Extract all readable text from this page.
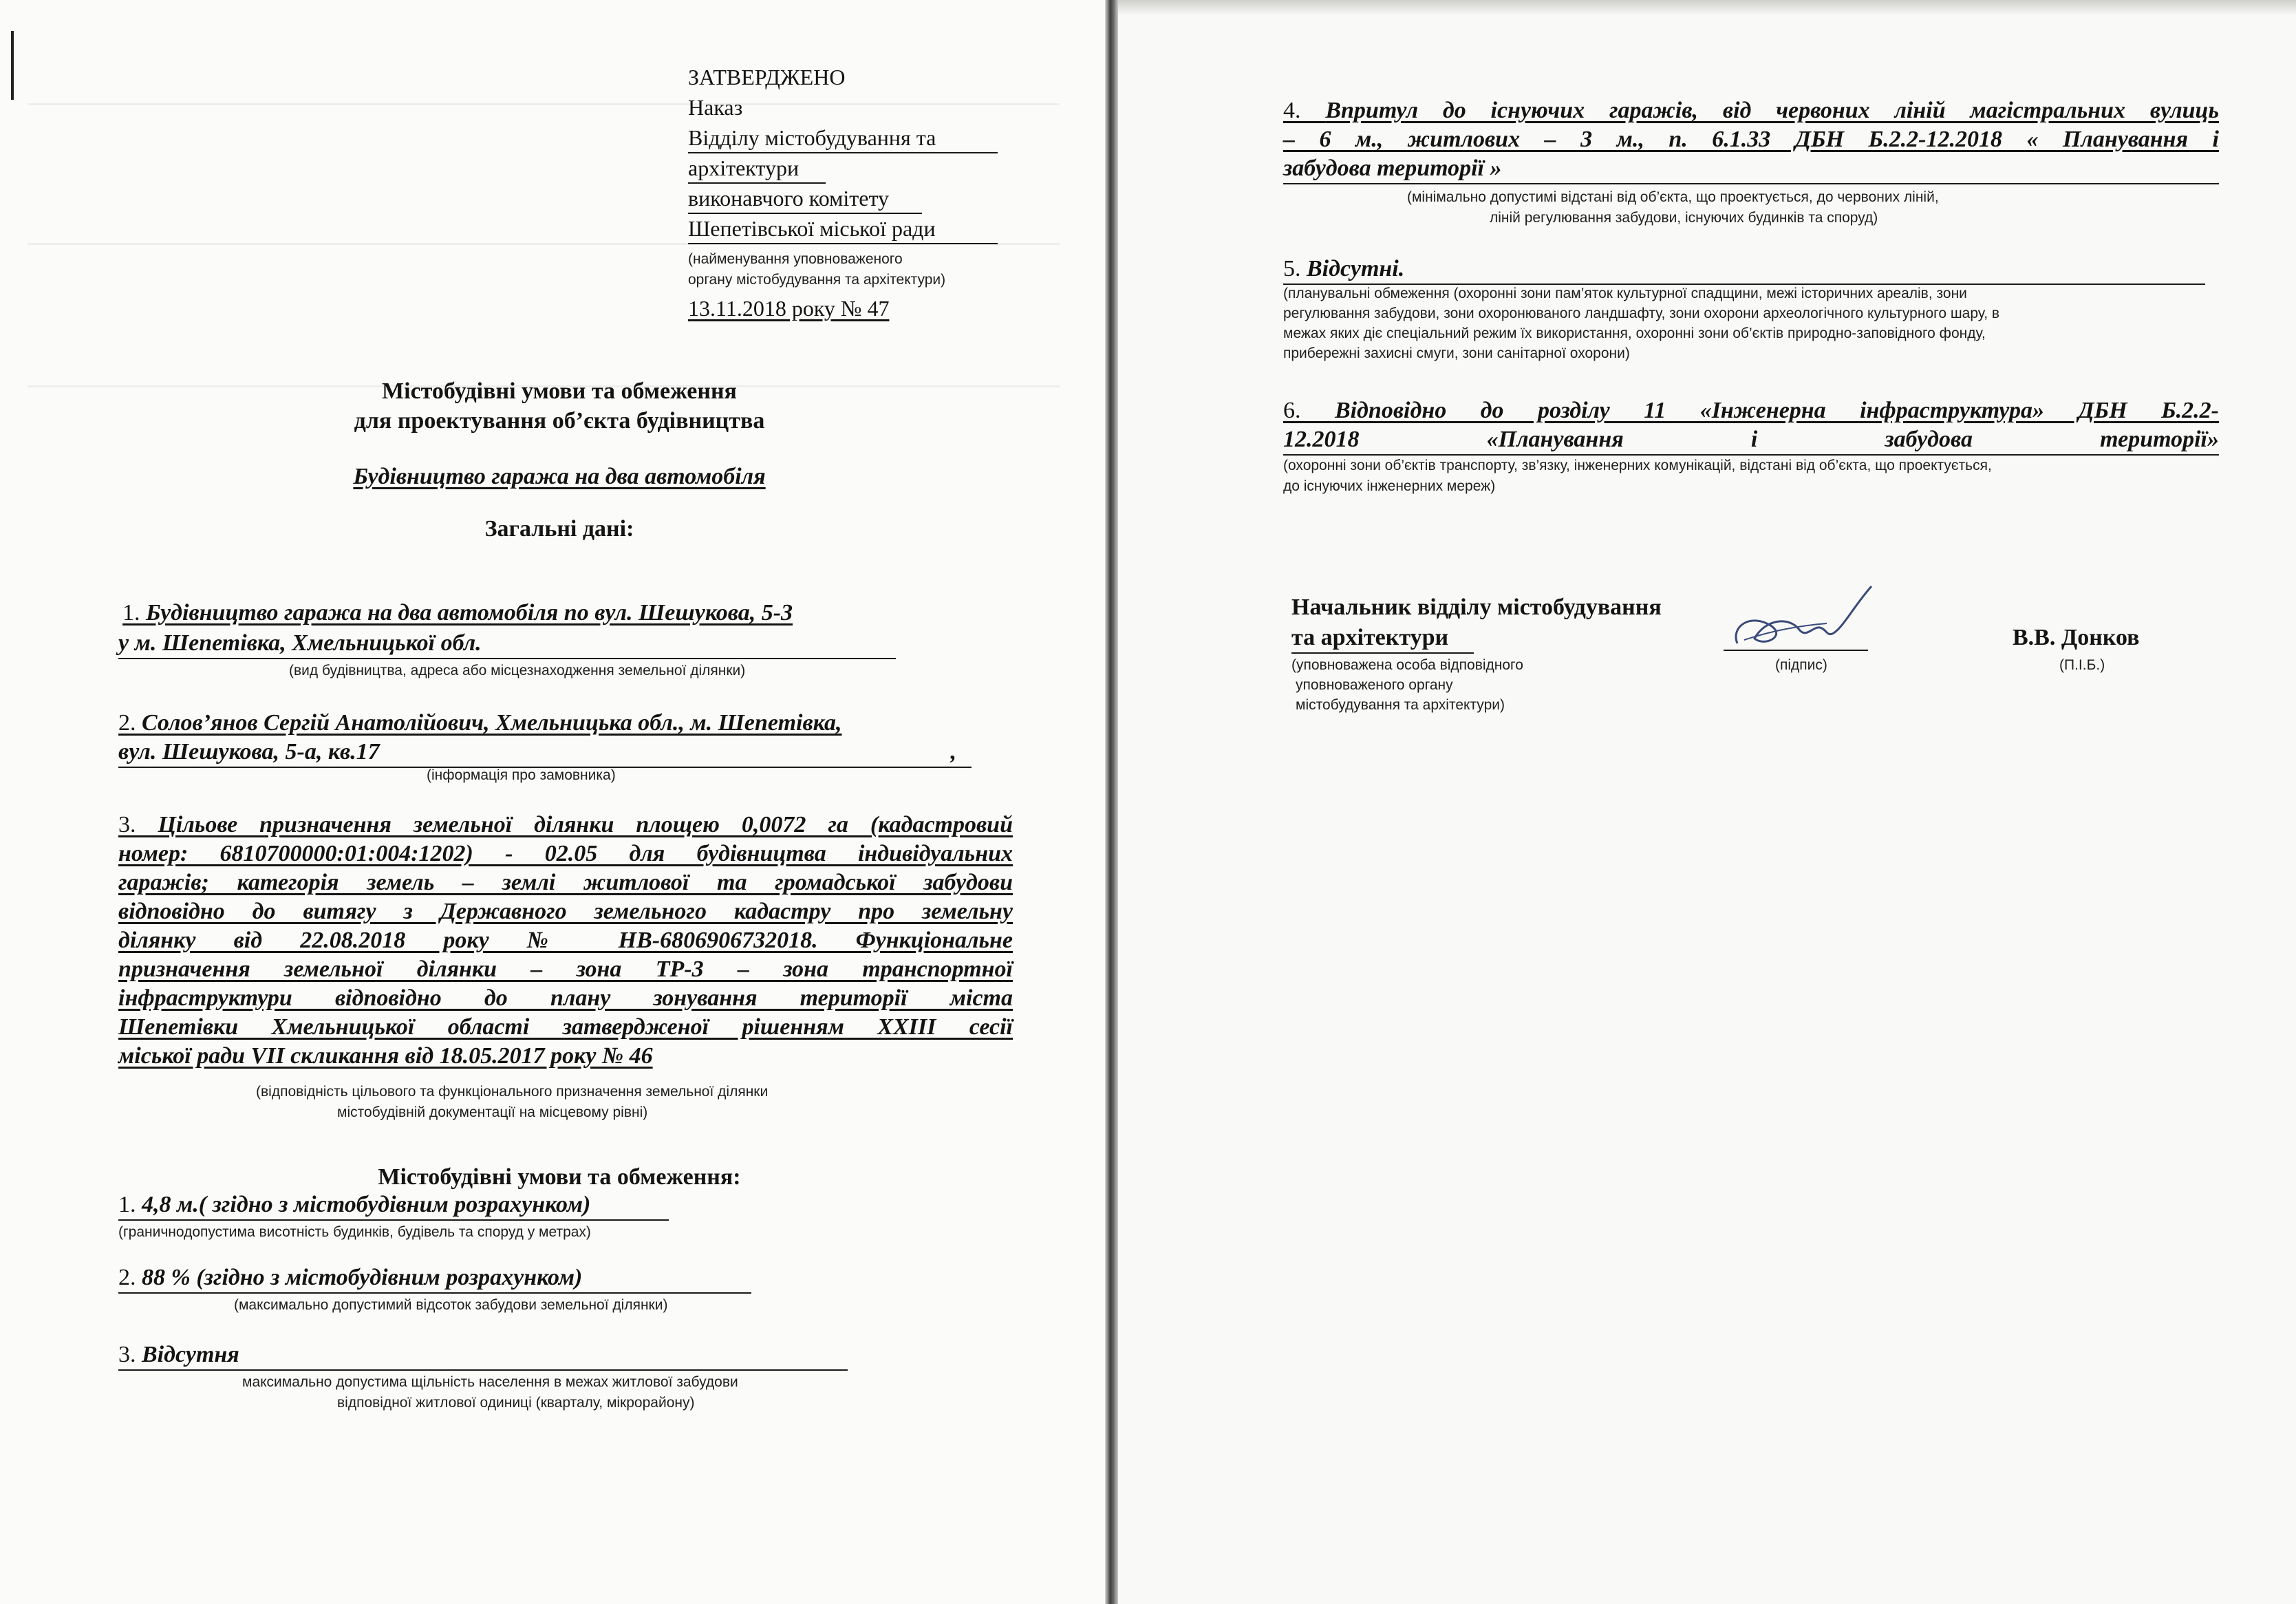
ЗАТВЕРДЖЕНО
Наказ
Відділу містобудування та
архітектури
виконавчого комітету
Шепетівської міської ради
(найменування уповноваженого
органу містобудування та архітектури)
13.11.2018 року № 47
Містобудівні умови та обмеження
для проектування об’єкта будівництва
Будівництво гаража на два автомобіля
Загальні дані:
1. Будівництво гаража на два автомобіля по вул. Шешукова, 5-3
у м. Шепетівка, Хмельницької обл.
(вид будівництва, адреса або місцезнаходження земельної ділянки)
2. Солов’янов Сергій Анатолійович, Хмельницька обл., м. Шепетівка,
вул. Шешукова, 5-а, кв.17	,
(інформація про замовника)
3. Цільове призначення земельної ділянки площею 0,0072 га (кадастровий
номер: 6810700000:01:004:1202) - 02.05 для будівництва індивідуальних
гаражів; категорія земель – землі житлової та громадської забудови
відповідно до витягу з Державного земельного кадастру про земельну
ділянку від 22.08.2018 року № НВ-6806906732018. Функціональне
призначення земельної ділянки – зона ТР-3 – зона транспортної
інфраструктури відповідно до плану зонування території міста
Шепетівки Хмельницької області затвердженої рішенням XXIII сесії
міської ради VII скликання від 18.05.2017 року № 46
(відповідність цільового та функціонального призначення земельної ділянки
містобудівній документації на місцевому рівні)
Містобудівні умови та обмеження:
1. 4,8 м.( згідно з містобудівним розрахунком)
(граничнодопустима висотність будинків, будівель та споруд у метрах)
2. 88 % (згідно з містобудівним розрахунком)
(максимально допустимий відсоток забудови земельної ділянки)
3. Відсутня
максимально допустима щільність населення в межах житлової забудови
відповідної житлової одиниці (кварталу, мікрорайону)
4. Впритул до існуючих гаражів, від червоних ліній магістральних вулиць
– 6 м., житлових – 3 м., п. 6.1.33 ДБН Б.2.2-12.2018 « Планування і
забудова території »
(мінімально допустимі відстані від об’єкта, що проектується, до червоних ліній,
ліній регулювання забудови, існуючих будинків та споруд)
5. Відсутні.
(планувальні обмеження (охоронні зони пам’яток культурної спадщини, межі історичних ареалів, зони
регулювання забудови, зони охоронюваного ландшафту, зони охорони археологічного культурного шару, в
межах яких діє спеціальний режим їх використання, охоронні зони об’єктів природно-заповідного фонду,
прибережні захисні смуги, зони санітарної охорони)
6. Відповідно до розділу 11 «Інженерна інфраструктура» ДБН Б.2.2-
12.2018 «Планування і забудова території»
(охоронні зони об’єктів транспорту, зв’язку, інженерних комунікацій, відстані від об’єкта, що проектується,
до існуючих інженерних мереж)
Начальник відділу містобудування
та архітектури	В.В. Донков
(уповноважена особа відповідного
уповноваженого органу
містобудування та архітектури)
(підпис)	(П.І.Б.)
